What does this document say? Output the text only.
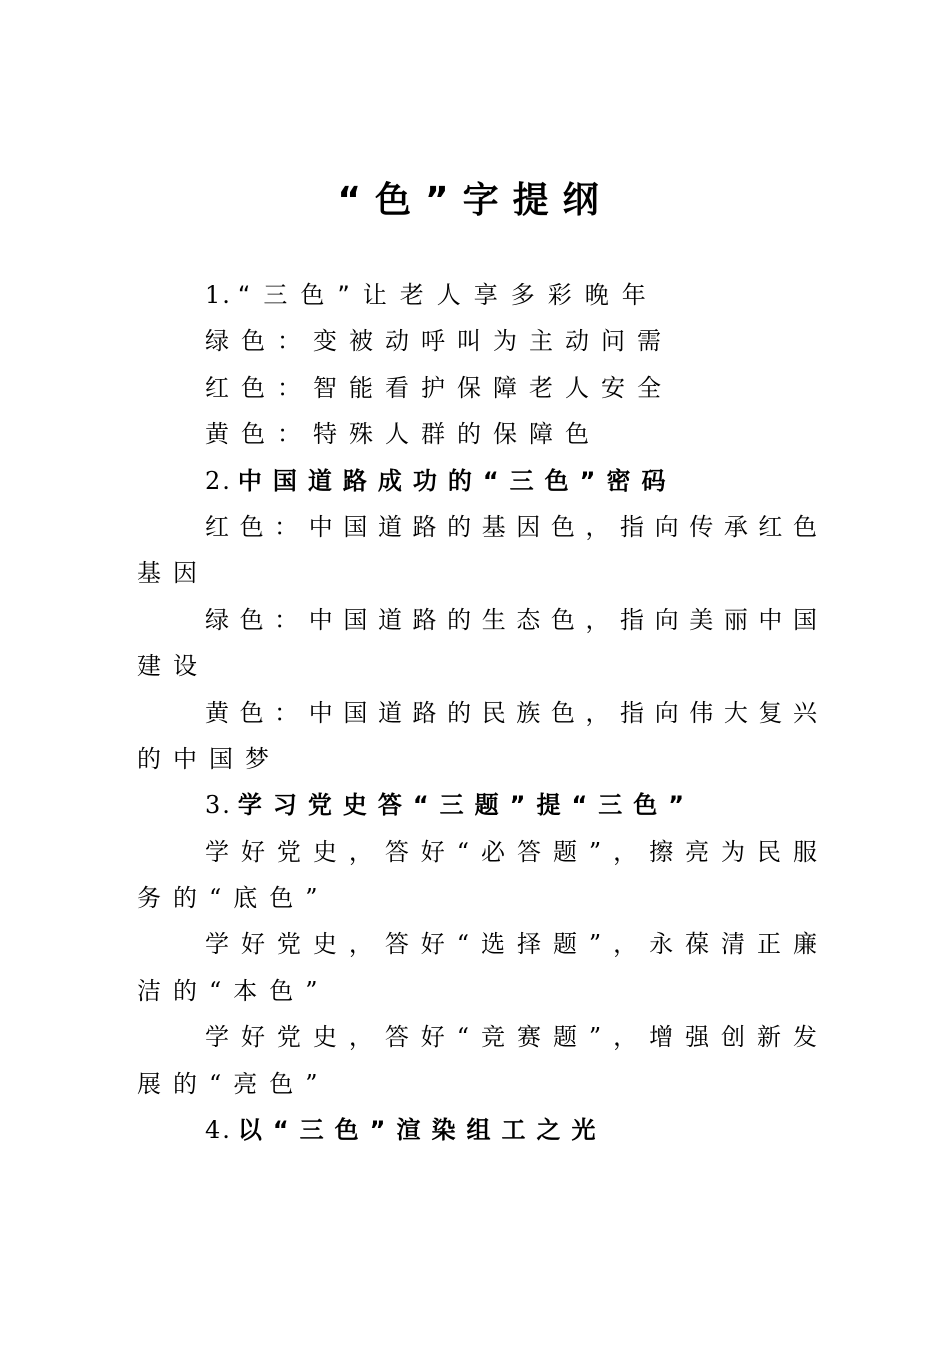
“色”字提纲
1. “三色”让老人享多彩晚年
绿色：变被动呼叫为主动问需
红色：智能看护保障老人安全
黄色：特殊人群的保障色
2. 中国道路成功的“三色”密码
红色：中国道路的基因色，指向传承红色
基因
绿色：中国道路的生态色，指向美丽中国
建设
黄色：中国道路的民族色，指向伟大复兴
的中国梦
3. 学习党史答“三题”提“三色”
学好党史，答好“必答题”，擦亮为民服
务的“底色”
学好党史，答好“选择题”，永葆清正廉
洁的“本色”
学好党史，答好“竞赛题”，增强创新发
展的“亮色”
4. 以“三色”渲染组工之光
